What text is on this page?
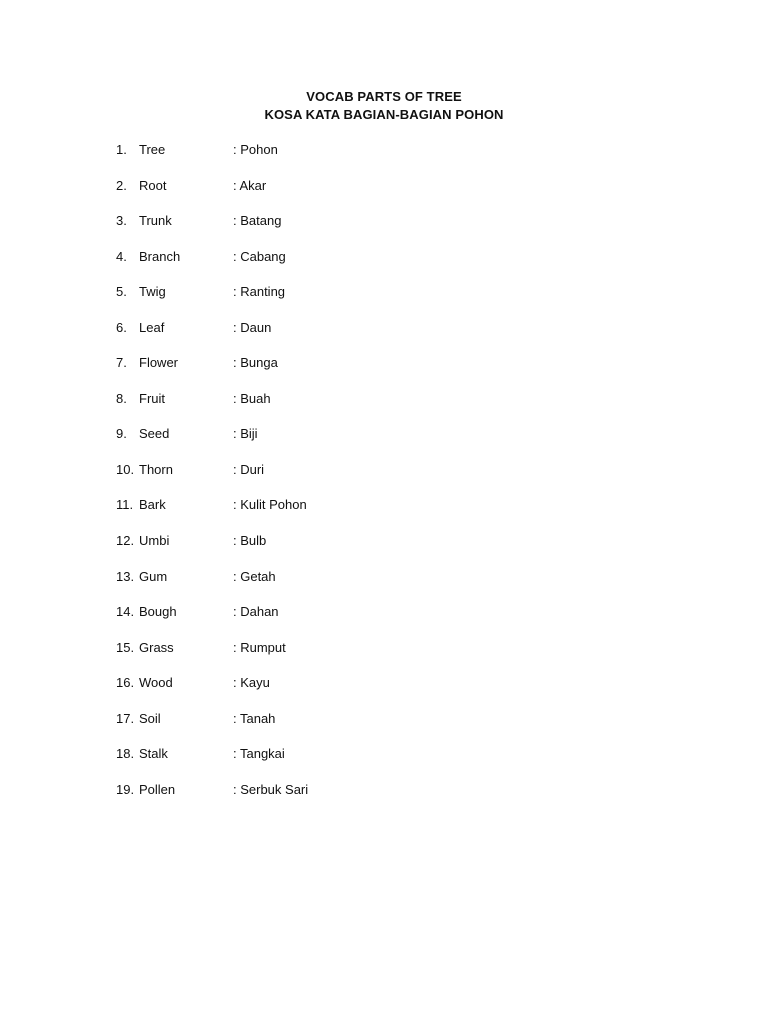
VOCAB PARTS OF TREE
KOSA KATA BAGIAN-BAGIAN POHON
1. Tree	: Pohon
2. Root	: Akar
3. Trunk	: Batang
4. Branch	: Cabang
5. Twig	: Ranting
6. Leaf	: Daun
7. Flower	: Bunga
8. Fruit	: Buah
9. Seed	: Biji
10. Thorn	: Duri
11. Bark	: Kulit Pohon
12. Umbi	: Bulb
13. Gum	: Getah
14. Bough	: Dahan
15. Grass	: Rumput
16. Wood	: Kayu
17. Soil	: Tanah
18. Stalk	: Tangkai
19. Pollen	: Serbuk Sari
